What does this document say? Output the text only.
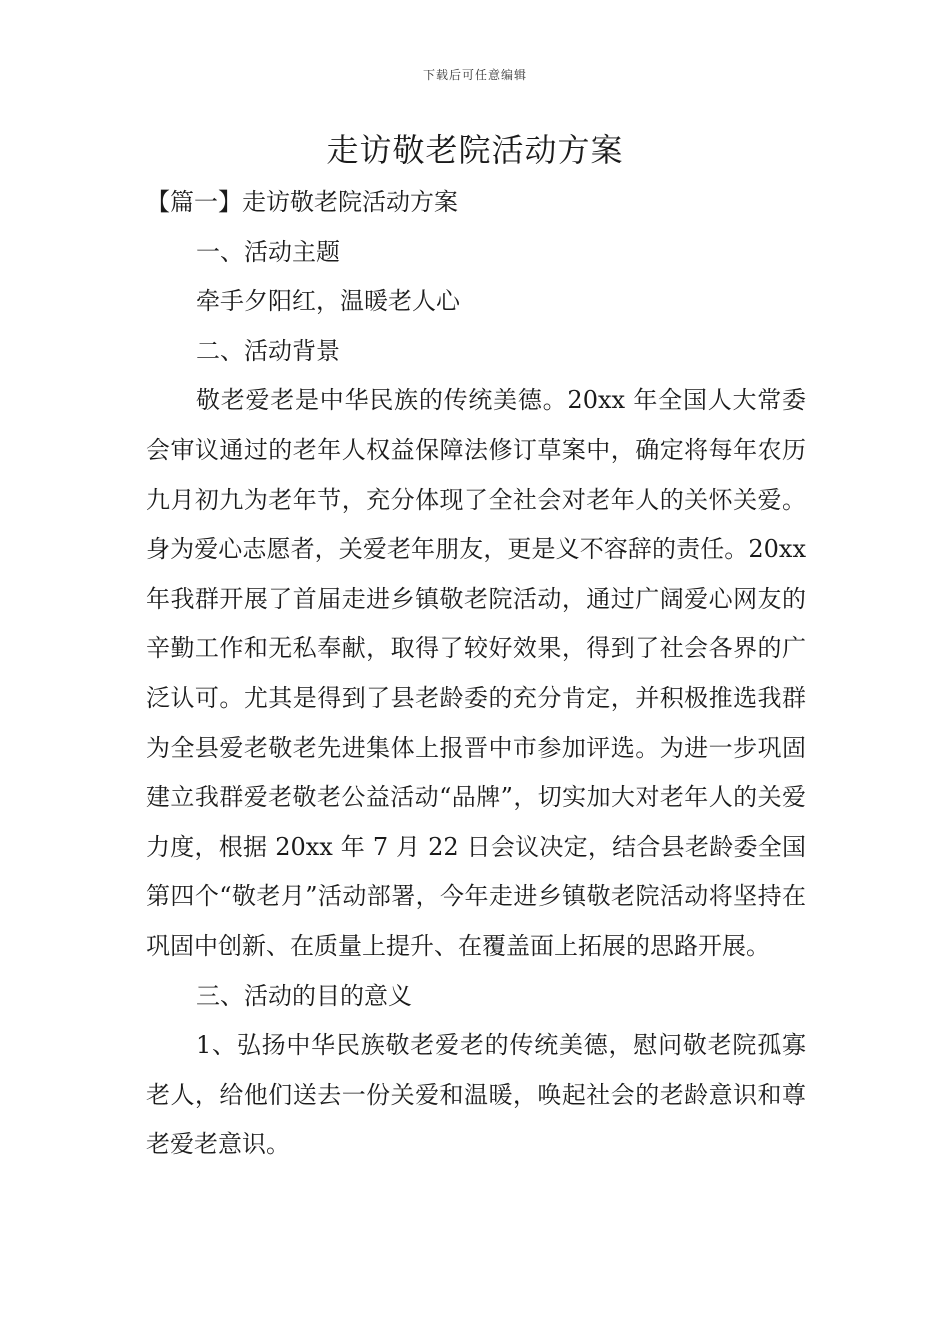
下载后可任意编辑
走访敬老院活动方案

【篇一】走访敬老院活动方案

一、活动主题

牵手夕阳红，温暖老人心

二、活动背景

敬老爱老是中华民族的传统美德。20xx 年全国人大常委会审议通过的老年人权益保障法修订草案中，确定将每年农历九月初九为老年节，充分体现了全社会对老年人的关怀关爱。身为爱心志愿者，关爱老年朋友，更是义不容辞的责任。20xx 年我群开展了首届走进乡镇敬老院活动，通过广阔爱心网友的辛勤工作和无私奉献，取得了较好效果，得到了社会各界的广泛认可。尤其是得到了县老龄委的充分肯定，并积极推选我群为全县爱老敬老先进集体上报晋中市参加评选。为进一步巩固建立我群爱老敬老公益活动“品牌”，切实加大对老年人的关爱力度，根据 20xx 年 7 月 22 日会议决定，结合县老龄委全国第四个“敬老月”活动部署，今年走进乡镇敬老院活动将坚持在巩固中创新、在质量上提升、在覆盖面上拓展的思路开展。

三、活动的目的意义

1、弘扬中华民族敬老爱老的传统美德，慰问敬老院孤寡老人，给他们送去一份关爱和温暖，唤起社会的老龄意识和尊老爱老意识。
